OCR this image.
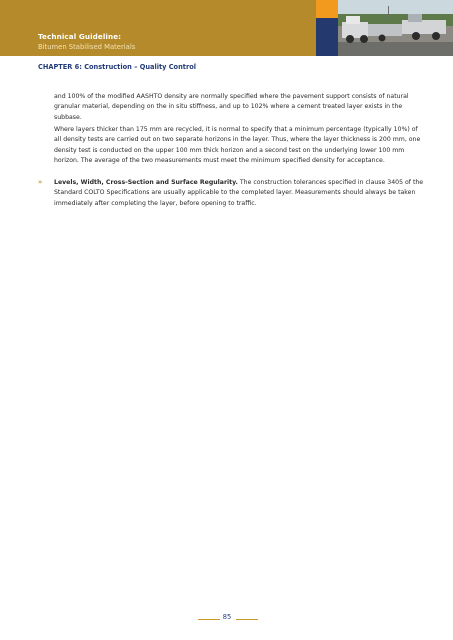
Technical Guideline:
Bitumen Stabilised Materials
CHAPTER 6: Construction – Quality Control

and 100% of the modified AASHTO density are normally specified where the pavement support consists of natural granular material, depending on the in situ stiffness, and up to 102% where a cement treated layer exists in the subbase.

Where layers thicker than 175 mm are recycled, it is normal to specify that a minimum percentage (typically 10%) of all density tests are carried out on two separate horizons in the layer. Thus, where the layer thickness is 200 mm, one density test is conducted on the upper 100 mm thick horizon and a second test on the underlying lower 100 mm horizon. The average of the two measurements must meet the minimum specified density for acceptance.

» Levels, Width, Cross-Section and Surface Regularity. The construction tolerances specified in clause 3405 of the Standard COLTO Specifications are usually applicable to the completed layer. Measurements should always be taken immediately after completing the layer, before opening to traffic.

85
